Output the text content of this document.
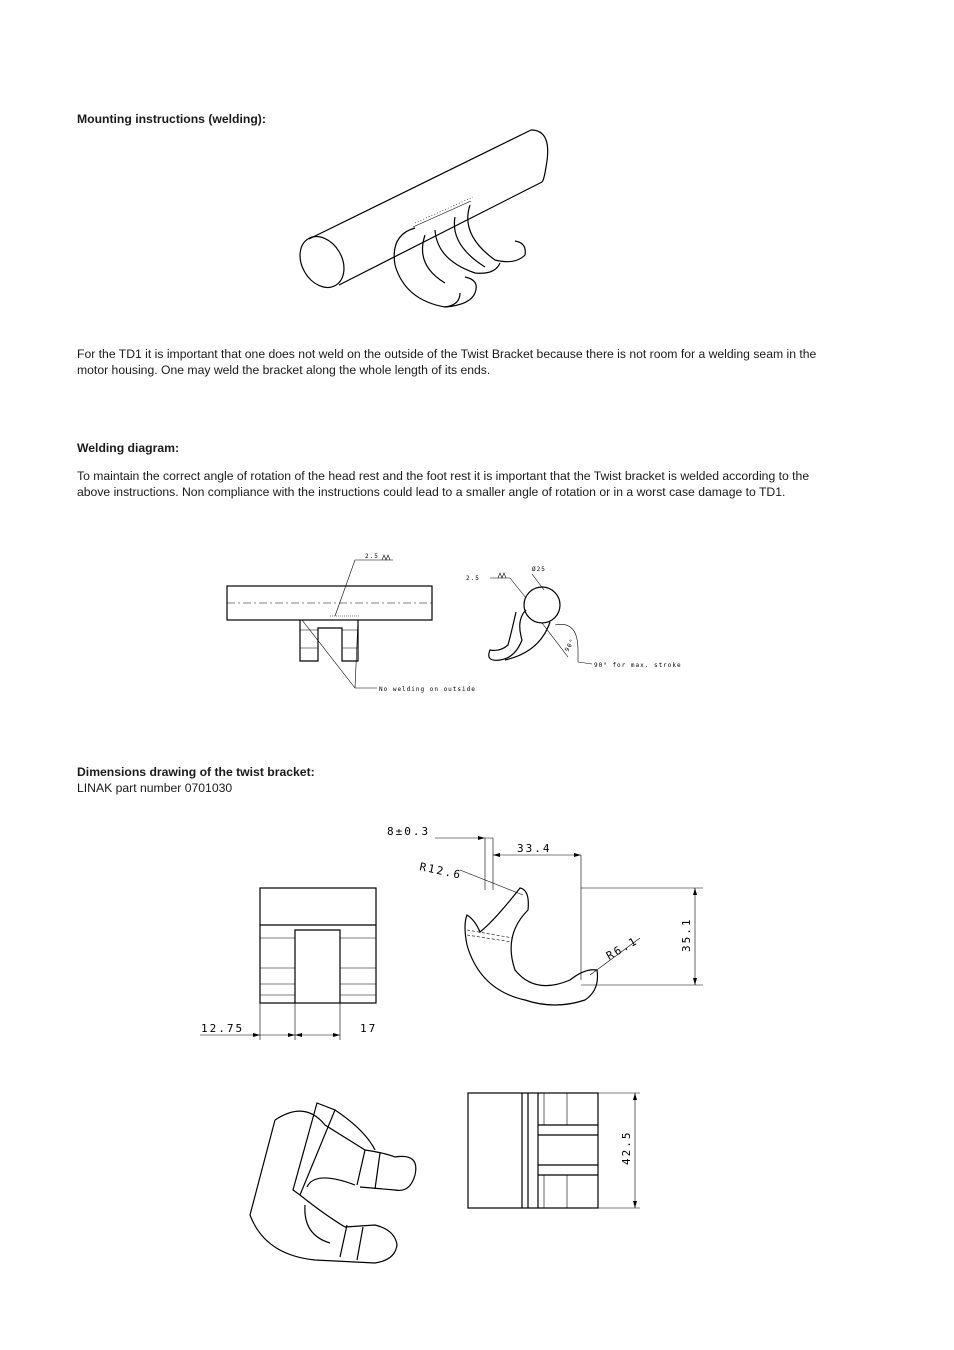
Mounting instructions (welding):
For the TD1 it is important that one does not weld on the outside of the Twist Bracket because there is not room for a welding seam in the motor housing. One may weld the bracket along the whole length of its ends.
Welding diagram:
To maintain the correct angle of rotation of the head rest and the foot rest it is important that the Twist bracket is welded according to the above instructions. Non compliance with the instructions could lead to a smaller angle of rotation or in a worst case damage to TD1.
2.5
No welding on outside
2.5
Ø25
90°
90° for max. stroke
Dimensions drawing of the twist bracket:
LINAK part number 0701030
12.75	17
8±0.3
33.4
R12.6
35.1
R6.1
42.5
